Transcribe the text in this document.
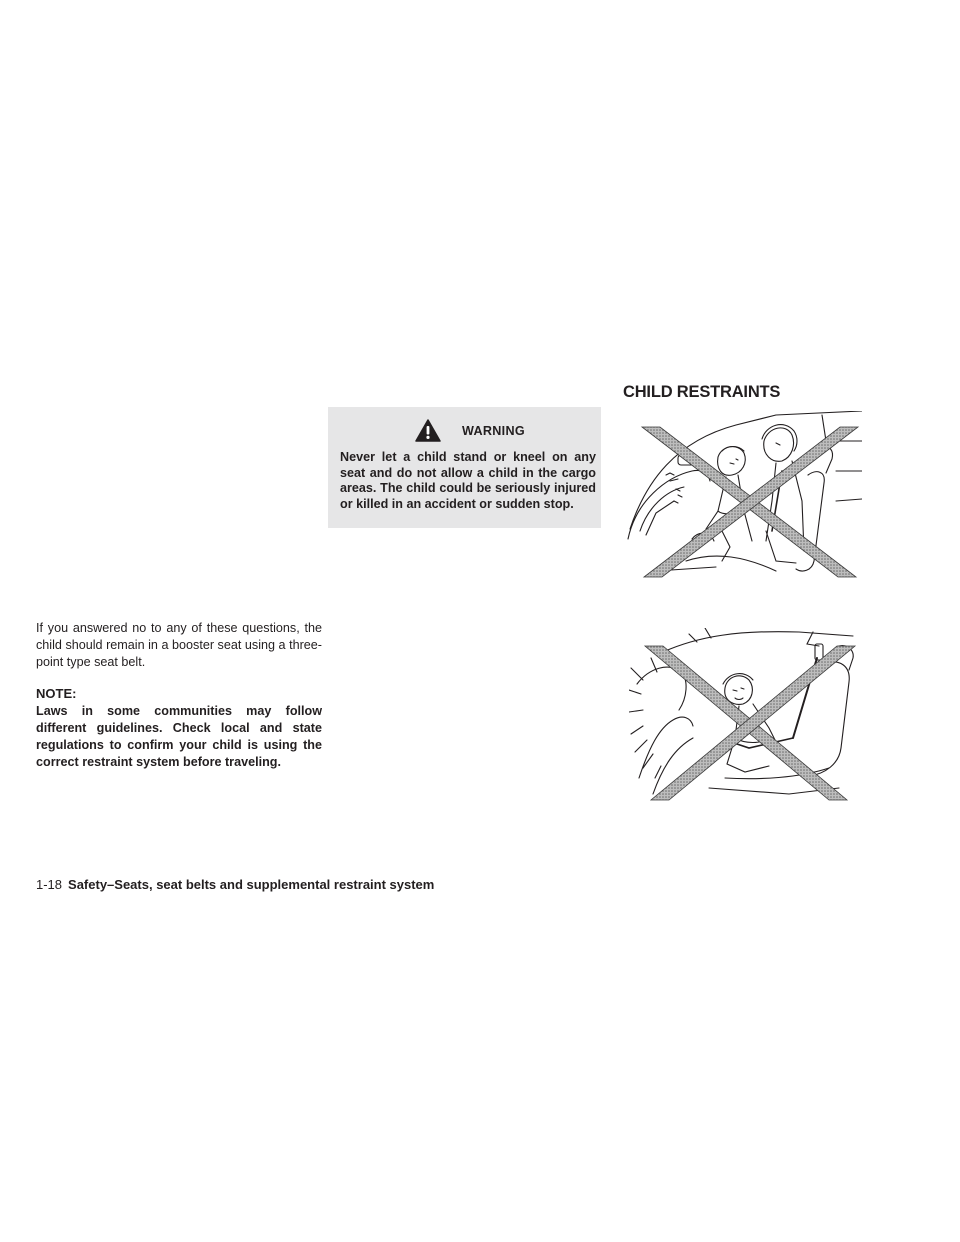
If you answered no to any of these questions, the child should remain in a booster seat using a three-point type seat belt.

NOTE:

Laws in some communities may follow different guidelines. Check local and state regulations to confirm your child is using the correct restraint system before traveling.

WARNING

Never let a child stand or kneel on any seat and do not allow a child in the cargo areas. The child could be seriously injured or killed in an accident or sudden stop.

CHILD RESTRAINTS
1-18 Safety–Seats, seat belts and supplemental restraint system
